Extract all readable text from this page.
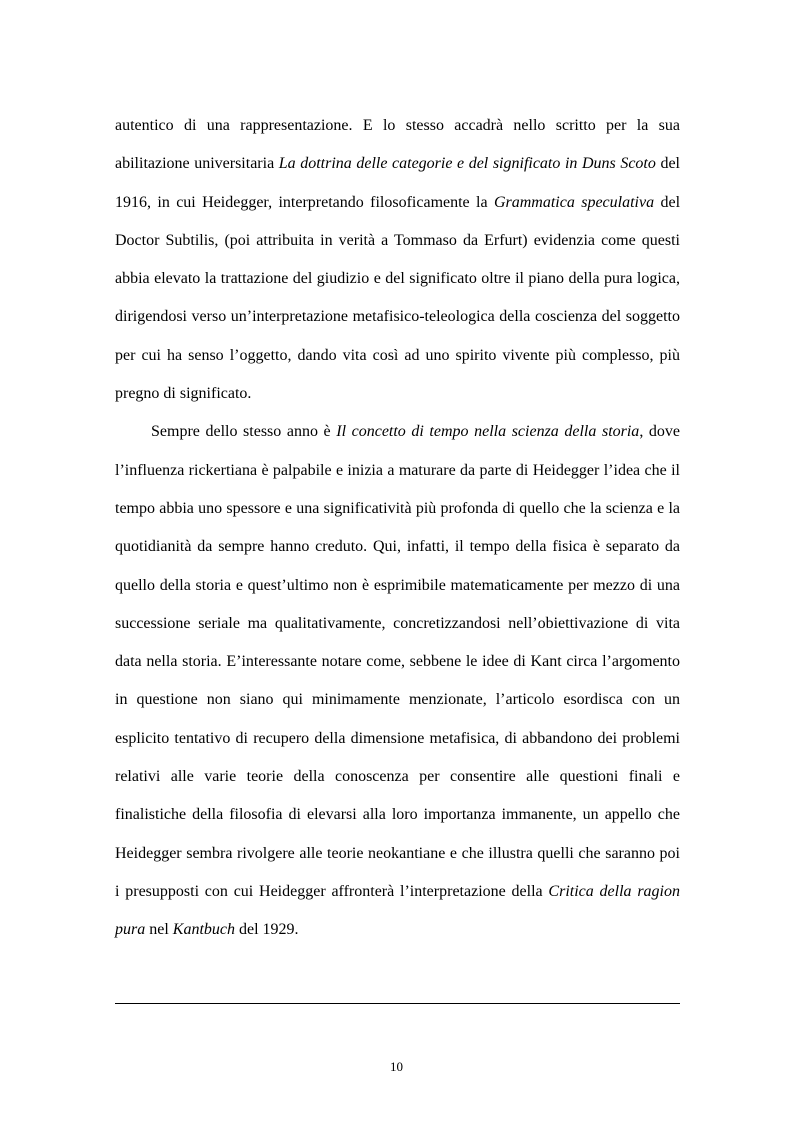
autentico di una rappresentazione. E lo stesso accadrà nello scritto per la sua abilitazione universitaria La dottrina delle categorie e del significato in Duns Scoto del 1916, in cui Heidegger, interpretando filosoficamente la Grammatica speculativa del Doctor Subtilis, (poi attribuita in verità a Tommaso da Erfurt) evidenzia come questi abbia elevato la trattazione del giudizio e del significato oltre il piano della pura logica, dirigendosi verso un’interpretazione metafisico-teleologica della coscienza del soggetto per cui ha senso l’oggetto, dando vita così ad uno spirito vivente più complesso, più pregno di significato.

Sempre dello stesso anno è Il concetto di tempo nella scienza della storia, dove l’influenza rickertiana è palpabile e inizia a maturare da parte di Heidegger l’idea che il tempo abbia uno spessore e una significatività più profonda di quello che la scienza e la quotidianità da sempre hanno creduto. Qui, infatti, il tempo della fisica è separato da quello della storia e quest’ultimo non è esprimibile matematicamente per mezzo di una successione seriale ma qualitativamente, concretizzandosi nell’obiettivazione di vita data nella storia. E’interessante notare come, sebbene le idee di Kant circa l’argomento in questione non siano qui minimamente menzionate, l’articolo esordisca con un esplicito tentativo di recupero della dimensione metafisica, di abbandono dei problemi relativi alle varie teorie della conoscenza per consentire alle questioni finali e finalistiche della filosofia di elevarsi alla loro importanza immanente, un appello che Heidegger sembra rivolgere alle teorie neokantiane e che illustra quelli che saranno poi i presupposti con cui Heidegger affronterà l’interpretazione della Critica della ragion pura nel Kantbuch del 1929.

10
